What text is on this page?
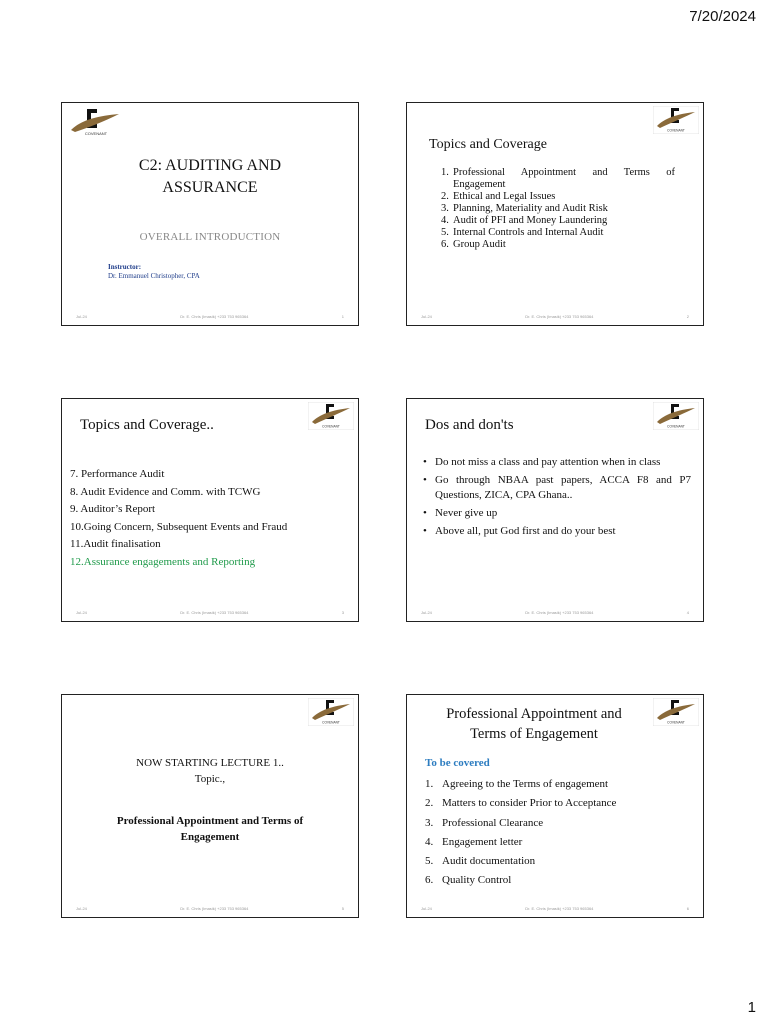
7/20/2024
COVENANT
C2: AUDITING AND
ASSURANCE
OVERALL INTRODUCTION
Instructor:
Dr. Emmanuel Christopher, CPA
Jul-24	Dr. E. Chris (Imasik) +233 753 965364	1
COVENANT
Topics and Coverage
1. Professional Appointment and Terms of Engagement
2. Ethical and Legal Issues
3. Planning, Materiality and Audit Risk
4. Audit of PFI and Money Laundering
5. Internal Controls and Internal Audit
6. Group Audit
Jul-24	Dr. E. Chris (Imasik) +233 753 965364	2
COVENANT
Topics and Coverage..
7. Performance Audit
8. Audit Evidence and Comm. with TCWG
9. Auditor’s Report
10.Going Concern, Subsequent Events and Fraud
11.Audit finalisation
12.Assurance engagements and Reporting
Jul-24	Dr. E. Chris (Imasik) +233 753 965364	3
COVENANT
Dos and don'ts
• Do not miss a class and pay attention when in class
• Go through NBAA past papers, ACCA F8 and P7 Questions, ZICA, CPA Ghana..
• Never give up
• Above all, put God first and do your best
Jul-24	Dr. E. Chris (Imasik) +233 753 965364	4
COVENANT
NOW STARTING LECTURE 1..
Topic.,
Professional Appointment and Terms of
Engagement
Jul-24	Dr. E. Chris (Imasik) +233 753 965364	5
COVENANT
Professional Appointment and
Terms of Engagement
To be covered
1. Agreeing to the Terms of engagement
2. Matters to consider Prior to Acceptance
3. Professional Clearance
4. Engagement letter
5. Audit documentation
6. Quality Control
Jul-24	Dr. E. Chris (Imasik) +233 753 965364	6
1
